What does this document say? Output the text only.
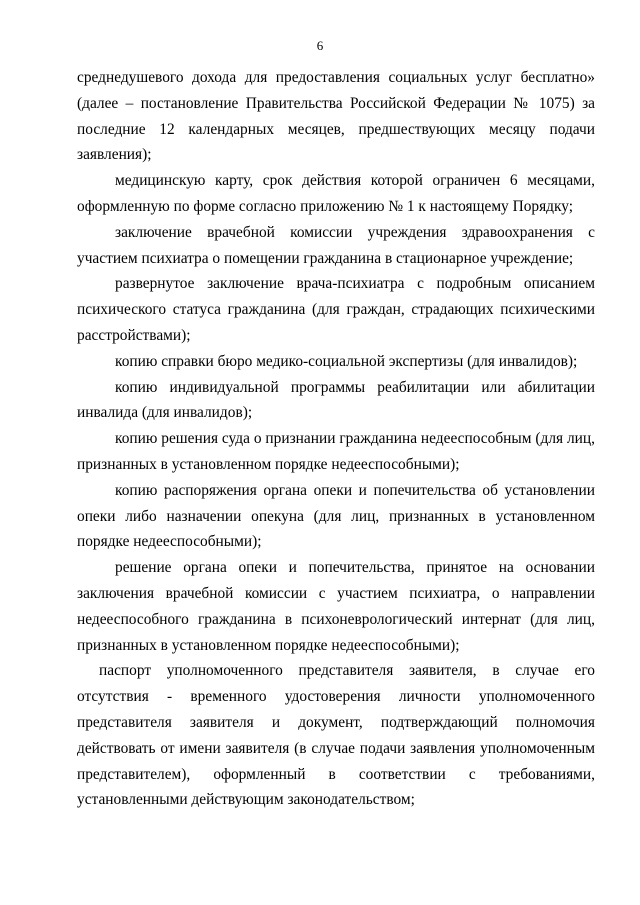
6

среднедушевого дохода для предоставления социальных услуг бесплатно» (далее – постановление Правительства Российской Федерации № 1075) за последние 12 календарных месяцев, предшествующих месяцу подачи заявления);

медицинскую карту, срок действия которой ограничен 6 месяцами, оформленную по форме согласно приложению № 1 к настоящему Порядку;

заключение врачебной комиссии учреждения здравоохранения с участием психиатра о помещении гражданина в стационарное учреждение;

развернутое заключение врача-психиатра с подробным описанием психического статуса гражданина (для граждан, страдающих психическими расстройствами);

копию справки бюро медико-социальной экспертизы (для инвалидов);

копию индивидуальной программы реабилитации или абилитации инвалида (для инвалидов);

копию решения суда о признании гражданина недееспособным (для лиц, признанных в установленном порядке недееспособными);

копию распоряжения органа опеки и попечительства об установлении опеки либо назначении опекуна (для лиц, признанных в установленном порядке недееспособными);

решение органа опеки и попечительства, принятое на основании заключения врачебной комиссии с участием психиатра, о направлении недееспособного гражданина в психоневрологический интернат (для лиц, признанных в установленном порядке недееспособными);

паспорт уполномоченного представителя заявителя, в случае его отсутствия - временного удостоверения личности уполномоченного представителя заявителя и документ, подтверждающий полномочия действовать от имени заявителя (в случае подачи заявления уполномоченным представителем), оформленный в соответствии с требованиями, установленными действующим законодательством;
